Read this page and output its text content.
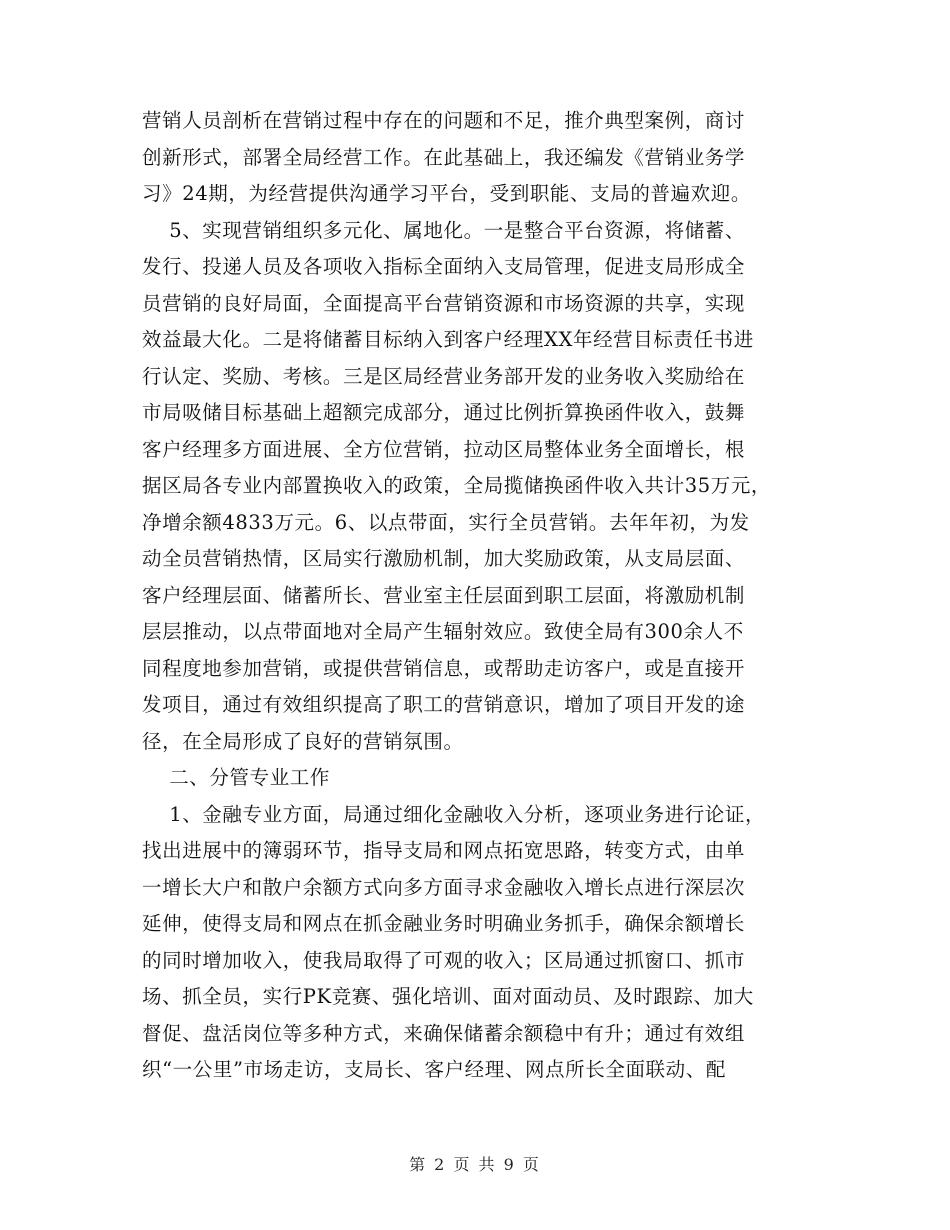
营销人员剖析在营销过程中存在的问题和不足，推介典型案例，商讨
创新形式，部署全局经营工作。在此基础上，我还编发《营销业务学
习》24期，为经营提供沟通学习平台，受到职能、支局的普遍欢迎。
5、实现营销组织多元化、属地化。一是整合平台资源，将储蓄、
发行、投递人员及各项收入指标全面纳入支局管理，促进支局形成全
员营销的良好局面，全面提高平台营销资源和市场资源的共享，实现
效益最大化。二是将储蓄目标纳入到客户经理XX年经营目标责任书进
行认定、奖励、考核。三是区局经营业务部开发的业务收入奖励给在
市局吸储目标基础上超额完成部分，通过比例折算换函件收入，鼓舞
客户经理多方面进展、全方位营销，拉动区局整体业务全面增长，根
据区局各专业内部置换收入的政策，全局揽储换函件收入共计35万元，
净增余额4833万元。6、以点带面，实行全员营销。去年年初，为发
动全员营销热情，区局实行激励机制，加大奖励政策，从支局层面、
客户经理层面、储蓄所长、营业室主任层面到职工层面，将激励机制
层层推动，以点带面地对全局产生辐射效应。致使全局有300余人不
同程度地参加营销，或提供营销信息，或帮助走访客户，或是直接开
发项目，通过有效组织提高了职工的营销意识，增加了项目开发的途
径，在全局形成了良好的营销氛围。
二、分管专业工作
1、金融专业方面，局通过细化金融收入分析，逐项业务进行论证，
找出进展中的簿弱环节，指导支局和网点拓宽思路，转变方式，由单
一增长大户和散户余额方式向多方面寻求金融收入增长点进行深层次
延伸，使得支局和网点在抓金融业务时明确业务抓手，确保余额增长
的同时增加收入，使我局取得了可观的收入；区局通过抓窗口、抓市
场、抓全员，实行PK竞赛、强化培训、面对面动员、及时跟踪、加大
督促、盘活岗位等多种方式，来确保储蓄余额稳中有升；通过有效组
织“一公里”市场走访，支局长、客户经理、网点所长全面联动、配
第 2 页 共 9 页
